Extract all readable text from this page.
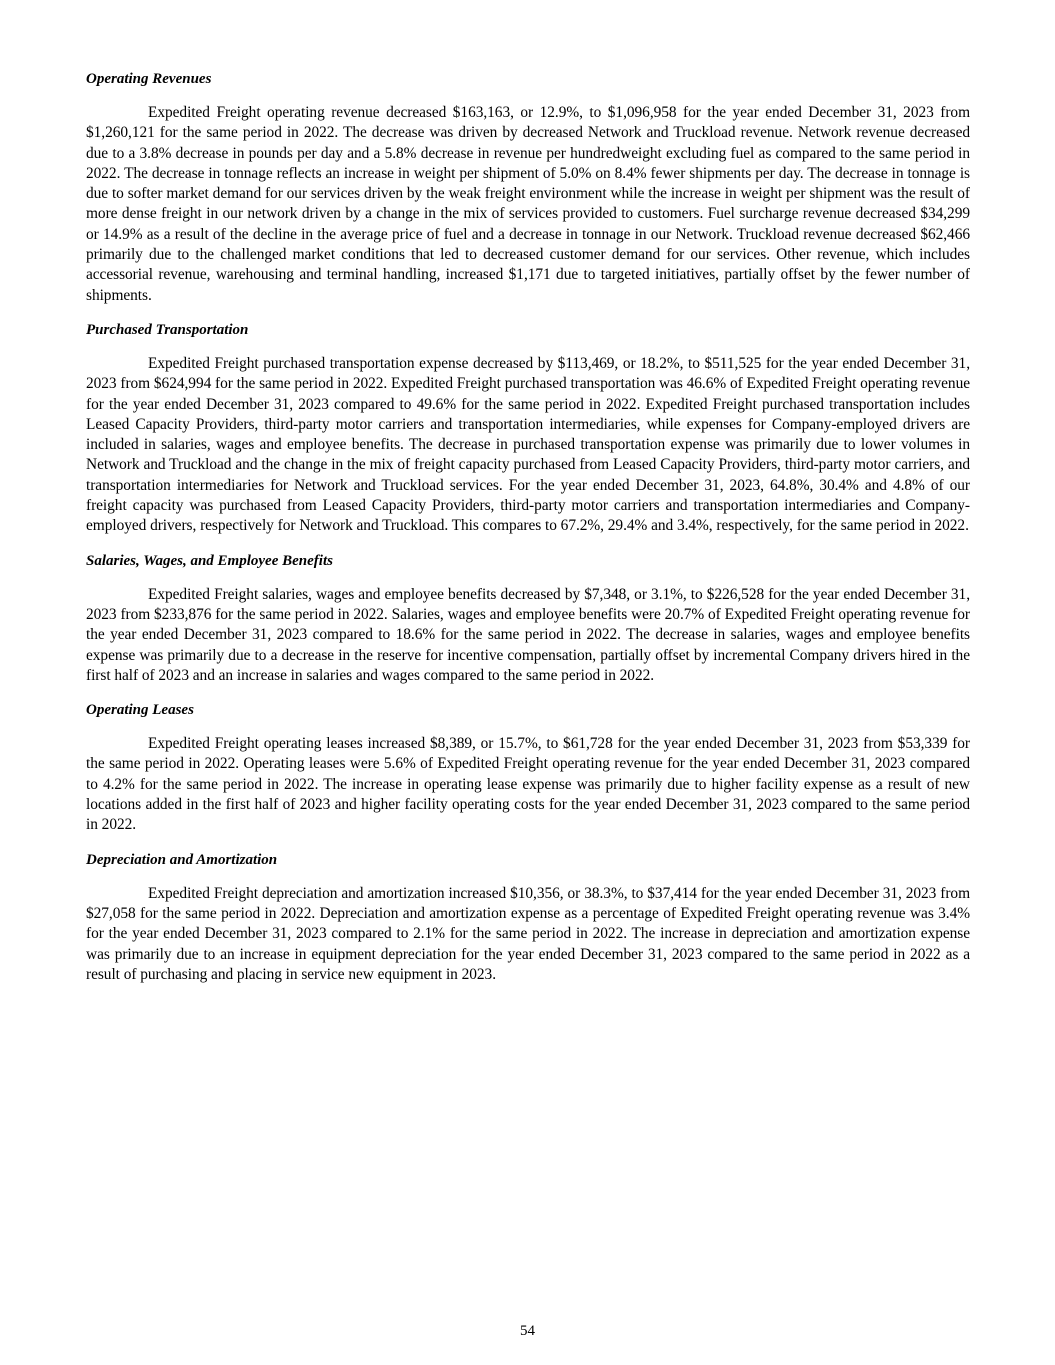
Operating Revenues

Expedited Freight operating revenue decreased $163,163, or 12.9%, to $1,096,958 for the year ended December 31, 2023 from $1,260,121 for the same period in 2022. The decrease was driven by decreased Network and Truckload revenue. Network revenue decreased due to a 3.8% decrease in pounds per day and a 5.8% decrease in revenue per hundredweight excluding fuel as compared to the same period in 2022. The decrease in tonnage reflects an increase in weight per shipment of 5.0% on 8.4% fewer shipments per day. The decrease in tonnage is due to softer market demand for our services driven by the weak freight environment while the increase in weight per shipment was the result of more dense freight in our network driven by a change in the mix of services provided to customers. Fuel surcharge revenue decreased $34,299 or 14.9% as a result of the decline in the average price of fuel and a decrease in tonnage in our Network. Truckload revenue decreased $62,466 primarily due to the challenged market conditions that led to decreased customer demand for our services. Other revenue, which includes accessorial revenue, warehousing and terminal handling, increased $1,171 due to targeted initiatives, partially offset by the fewer number of shipments.

Purchased Transportation

Expedited Freight purchased transportation expense decreased by $113,469, or 18.2%, to $511,525 for the year ended December 31, 2023 from $624,994 for the same period in 2022. Expedited Freight purchased transportation was 46.6% of Expedited Freight operating revenue for the year ended December 31, 2023 compared to 49.6% for the same period in 2022. Expedited Freight purchased transportation includes Leased Capacity Providers, third-party motor carriers and transportation intermediaries, while expenses for Company-employed drivers are included in salaries, wages and employee benefits. The decrease in purchased transportation expense was primarily due to lower volumes in Network and Truckload and the change in the mix of freight capacity purchased from Leased Capacity Providers, third-party motor carriers, and transportation intermediaries for Network and Truckload services. For the year ended December 31, 2023, 64.8%, 30.4% and 4.8% of our freight capacity was purchased from Leased Capacity Providers, third-party motor carriers and transportation intermediaries and Company-employed drivers, respectively for Network and Truckload. This compares to 67.2%, 29.4% and 3.4%, respectively, for the same period in 2022.

Salaries, Wages, and Employee Benefits

Expedited Freight salaries, wages and employee benefits decreased by $7,348, or 3.1%, to $226,528 for the year ended December 31, 2023 from $233,876 for the same period in 2022. Salaries, wages and employee benefits were 20.7% of Expedited Freight operating revenue for the year ended December 31, 2023 compared to 18.6% for the same period in 2022. The decrease in salaries, wages and employee benefits expense was primarily due to a decrease in the reserve for incentive compensation, partially offset by incremental Company drivers hired in the first half of 2023 and an increase in salaries and wages compared to the same period in 2022.

Operating Leases

Expedited Freight operating leases increased $8,389, or 15.7%, to $61,728 for the year ended December 31, 2023 from $53,339 for the same period in 2022. Operating leases were 5.6% of Expedited Freight operating revenue for the year ended December 31, 2023 compared to 4.2% for the same period in 2022. The increase in operating lease expense was primarily due to higher facility expense as a result of new locations added in the first half of 2023 and higher facility operating costs for the year ended December 31, 2023 compared to the same period in 2022.

Depreciation and Amortization

Expedited Freight depreciation and amortization increased $10,356, or 38.3%, to $37,414 for the year ended December 31, 2023 from $27,058 for the same period in 2022. Depreciation and amortization expense as a percentage of Expedited Freight operating revenue was 3.4% for the year ended December 31, 2023 compared to 2.1% for the same period in 2022. The increase in depreciation and amortization expense was primarily due to an increase in equipment depreciation for the year ended December 31, 2023 compared to the same period in 2022 as a result of purchasing and placing in service new equipment in 2023.

54
